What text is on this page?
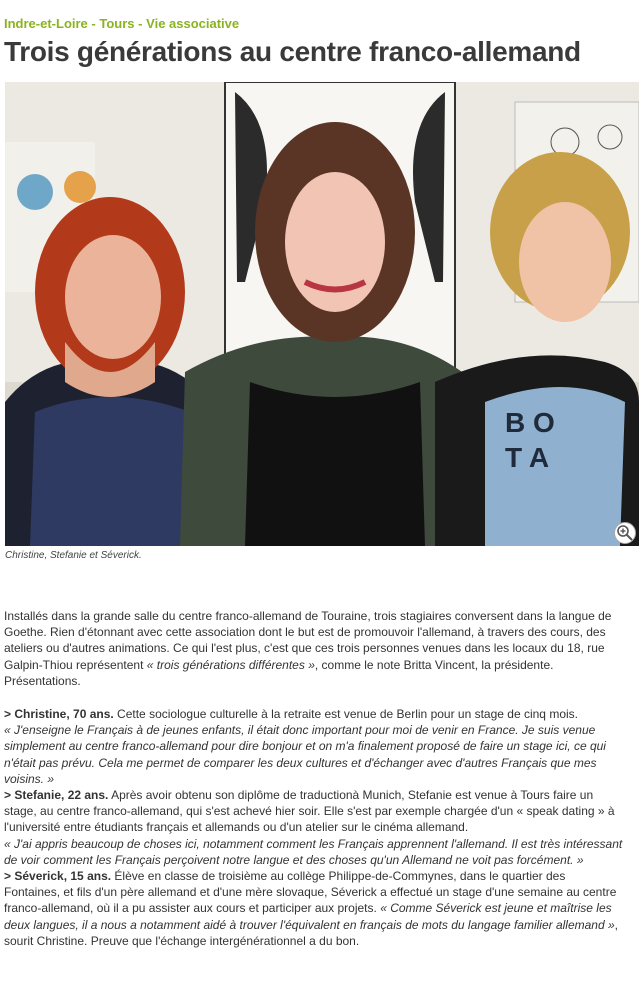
Indre-et-Loire - Tours - Vie associative
Trois générations au centre franco-allemand
B O
T A
Christine, Stefanie et Séverick.

Installés dans la grande salle du centre franco-allemand de Touraine, trois stagiaires conversent dans la langue de
Goethe. Rien d'étonnant avec cette association dont le but est de promouvoir l'allemand, à travers des cours, des
ateliers ou d'autres animations. Ce qui l'est plus, c'est que ces trois personnes venues dans les locaux du 18, rue
Galpin-Thiou représentent « trois générations différentes », comme le note Britta Vincent, la présidente.
Présentations.

> Christine, 70 ans. Cette sociologue culturelle à la retraite est venue de Berlin pour un stage de cinq mois.
« J'enseigne le Français à de jeunes enfants, il était donc important pour moi de venir en France. Je suis venue
simplement au centre franco-allemand pour dire bonjour et on m'a finalement proposé de faire un stage ici, ce qui
n'était pas prévu. Cela me permet de comparer les deux cultures et d'échanger avec d'autres Français que mes
voisins. »

> Stefanie, 22 ans. Après avoir obtenu son diplôme de traductionà Munich, Stefanie est venue à Tours faire un
stage, au centre franco-allemand, qui s'est achevé hier soir. Elle s'est par exemple chargée d'un « speak dating » à
l'université entre étudiants français et allemands ou d'un atelier sur le cinéma allemand.
« J'ai appris beaucoup de choses ici, notamment comment les Français apprennent l'allemand. Il est très intéressant
de voir comment les Français perçoivent notre langue et des choses qu'un Allemand ne voit pas forcément. »

> Séverick, 15 ans. Élève en classe de troisième au collège Philippe-de-Commynes, dans le quartier des
Fontaines, et fils d'un père allemand et d'une mère slovaque, Séverick a effectué un stage d'une semaine au centre
franco-allemand, où il a pu assister aux cours et participer aux projets. « Comme Séverick est jeune et maîtrise les
deux langues, il a nous a notamment aidé à trouver l'équivalent en français de mots du langage familier allemand »,
sourit Christine. Preuve que l'échange intergénérationnel a du bon.
